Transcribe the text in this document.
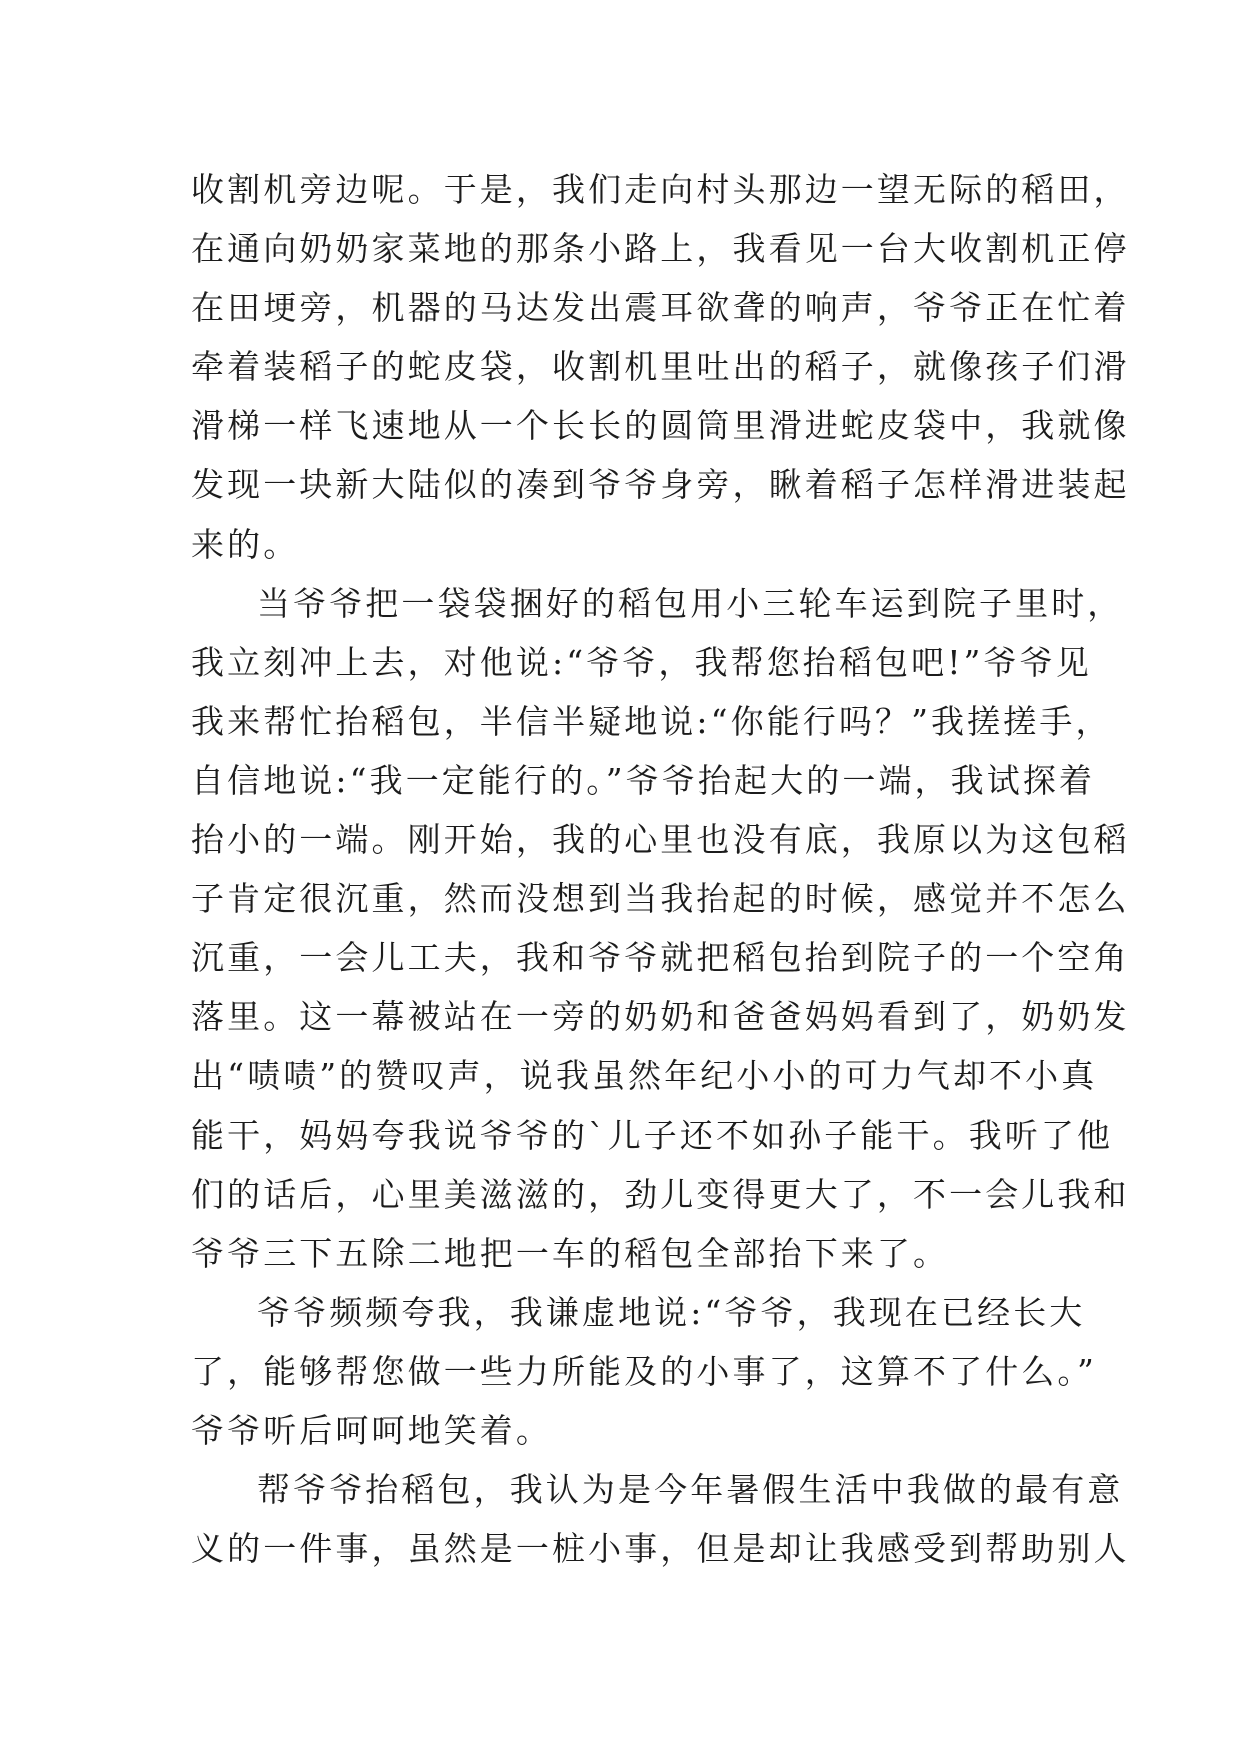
收割机旁边呢。于是，我们走向村头那边一望无际的稻田，
在通向奶奶家菜地的那条小路上，我看见一台大收割机正停
在田埂旁，机器的马达发出震耳欲聋的响声，爷爷正在忙着
牵着装稻子的蛇皮袋，收割机里吐出的稻子，就像孩子们滑
滑梯一样飞速地从一个长长的圆筒里滑进蛇皮袋中，我就像
发现一块新大陆似的凑到爷爷身旁，瞅着稻子怎样滑进装起
来的。
当爷爷把一袋袋捆好的稻包用小三轮车运到院子里时，
我立刻冲上去，对他说:“爷爷，我帮您抬稻包吧!”爷爷见
我来帮忙抬稻包，半信半疑地说:“你能行吗？”我搓搓手，
自信地说:“我一定能行的。”爷爷抬起大的一端，我试探着
抬小的一端。刚开始，我的心里也没有底，我原以为这包稻
子肯定很沉重，然而没想到当我抬起的时候，感觉并不怎么
沉重，一会儿工夫，我和爷爷就把稻包抬到院子的一个空角
落里。这一幕被站在一旁的奶奶和爸爸妈妈看到了，奶奶发
出“啧啧”的赞叹声，说我虽然年纪小小的可力气却不小真
能干，妈妈夸我说爷爷的`儿子还不如孙子能干。我听了他
们的话后，心里美滋滋的，劲儿变得更大了，不一会儿我和
爷爷三下五除二地把一车的稻包全部抬下来了。
爷爷频频夸我，我谦虚地说:“爷爷，我现在已经长大
了，能够帮您做一些力所能及的小事了，这算不了什么。”
爷爷听后呵呵地笑着。
帮爷爷抬稻包，我认为是今年暑假生活中我做的最有意
义的一件事，虽然是一桩小事，但是却让我感受到帮助别人
